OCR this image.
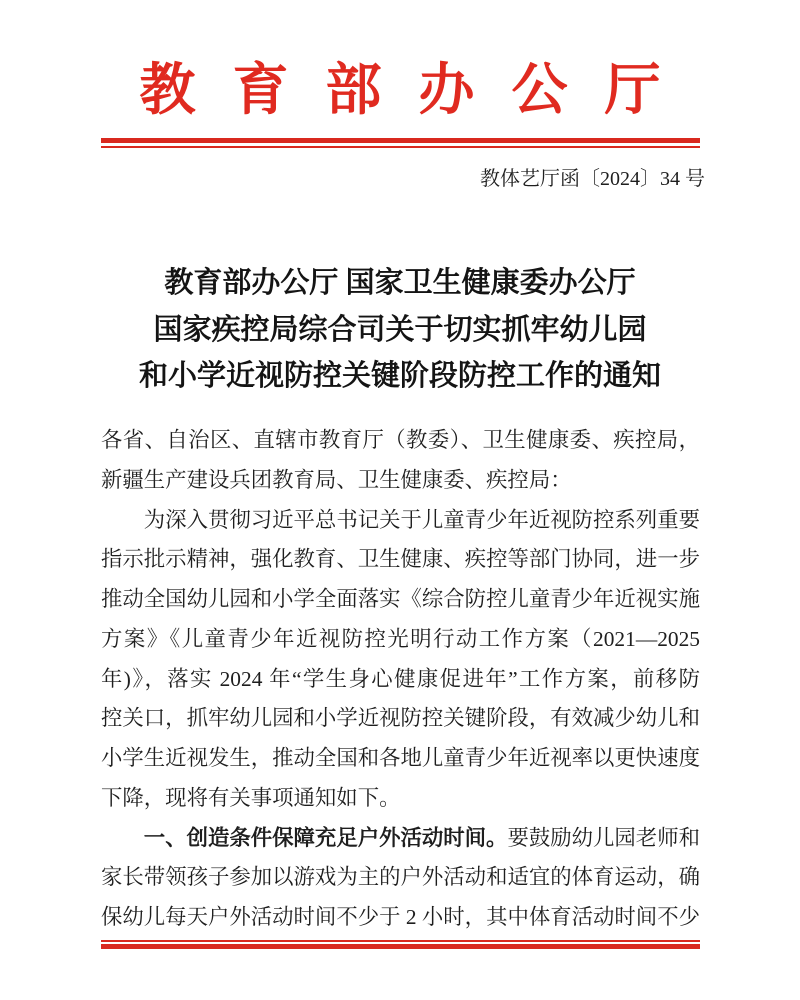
教育部办公厅
教体艺厅函〔2024〕34 号
教育部办公厅 国家卫生健康委办公厅
国家疾控局综合司关于切实抓牢幼儿园
和小学近视防控关键阶段防控工作的通知
各省、自治区、直辖市教育厅（教委）、卫生健康委、疾控局，
新疆生产建设兵团教育局、卫生健康委、疾控局：
为深入贯彻习近平总书记关于儿童青少年近视防控系列重要
指示批示精神，强化教育、卫生健康、疾控等部门协同，进一步
推动全国幼儿园和小学全面落实《综合防控儿童青少年近视实施
方案》《儿童青少年近视防控光明行动工作方案（2021—2025
年)》，落实 2024 年“学生身心健康促进年”工作方案，前移防
控关口，抓牢幼儿园和小学近视防控关键阶段，有效减少幼儿和
小学生近视发生，推动全国和各地儿童青少年近视率以更快速度
下降，现将有关事项通知如下。
一、创造条件保障充足户外活动时间。要鼓励幼儿园老师和
家长带领孩子参加以游戏为主的户外活动和适宜的体育运动，确
保幼儿每天户外活动时间不少于 2 小时，其中体育活动时间不少
